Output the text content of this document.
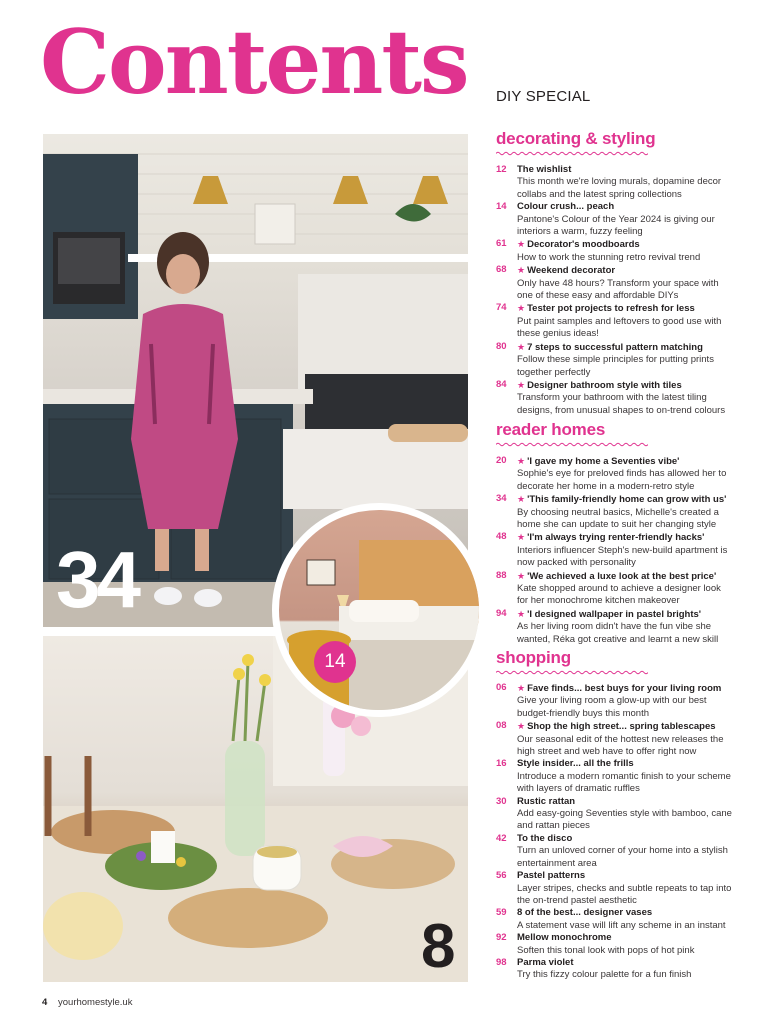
Contents DIY SPECIAL
34
8
14
decorating & styling
12	The wishlist
This month we're loving murals, dopamine decor collabs and the latest spring collections
14	Colour crush... peach
Pantone's Colour of the Year 2024 is giving our interiors a warm, fuzzy feeling
61	★ Decorator's moodboards
How to work the stunning retro revival trend
68	★ Weekend decorator
Only have 48 hours? Transform your space with one of these easy and affordable DIYs
74	★ Tester pot projects to refresh for less
Put paint samples and leftovers to good use with these genius ideas!
80	★ 7 steps to successful pattern matching
Follow these simple principles for putting prints together perfectly
84	★ Designer bathroom style with tiles
Transform your bathroom with the latest tiling designs, from unusual shapes to on-trend colours
reader homes
20	★ 'I gave my home a Seventies vibe'
Sophie's eye for preloved finds has allowed her to decorate her home in a modern-retro style
34	★ 'This family-friendly home can grow with us'
By choosing neutral basics, Michelle's created a home she can update to suit her changing style
48	★ 'I'm always trying renter-friendly hacks'
Interiors influencer Steph's new-build apartment is now packed with personality
88	★ 'We achieved a luxe look at the best price'
Kate shopped around to achieve a designer look for her monochrome kitchen makeover
94	★ 'I designed wallpaper in pastel brights'
As her living room didn't have the fun vibe she wanted, Réka got creative and learnt a new skill
shopping
06	★ Fave finds... best buys for your living room
Give your living room a glow-up with our best budget-friendly buys this month
08	★ Shop the high street... spring tablescapes
Our seasonal edit of the hottest new releases the high street and web have to offer right now
16	Style insider... all the frills
Introduce a modern romantic finish to your scheme with layers of dramatic ruffles
30	Rustic rattan
Add easy-going Seventies style with bamboo, cane and rattan pieces
42	To the disco
Turn an unloved corner of your home into a stylish entertainment area
56	Pastel patterns
Layer stripes, checks and subtle repeats to tap into the on-trend pastel aesthetic
59	8 of the best... designer vases
A statement vase will lift any scheme in an instant
92	Mellow monochrome
Soften this tonal look with pops of hot pink
98	Parma violet
Try this fizzy colour palette for a fun finish
4 yourhomestyle.uk
